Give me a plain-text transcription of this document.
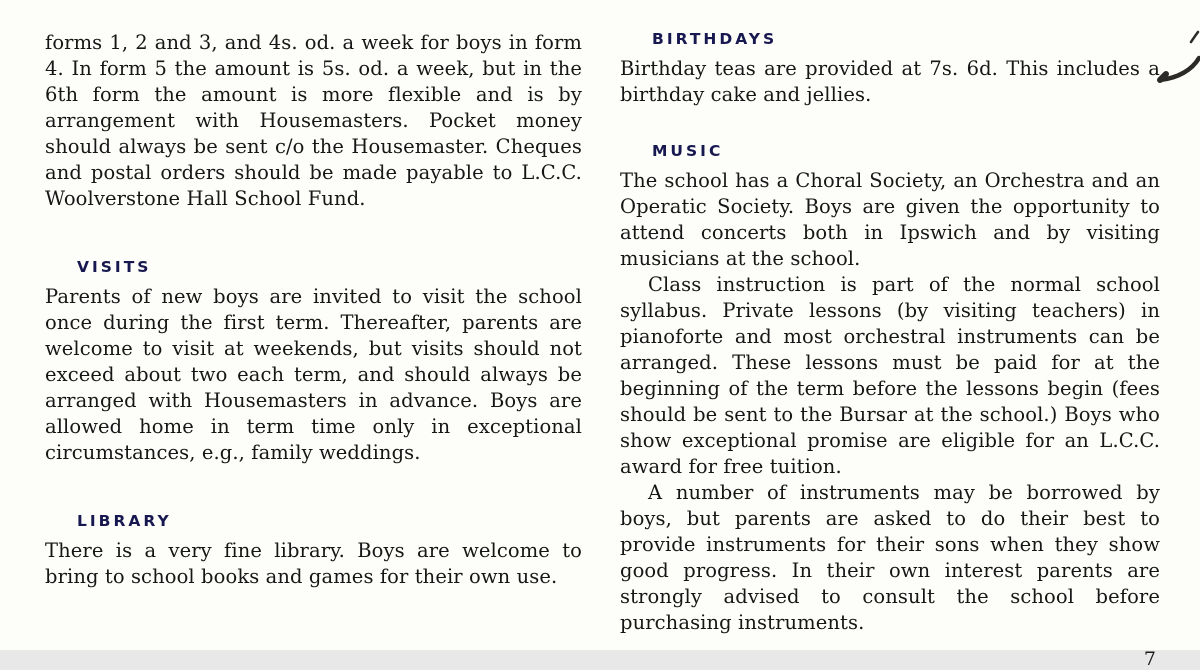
forms 1, 2 and 3, and 4s. od. a week for boys in form 4. In form 5 the amount is 5s. od. a week, but in the 6th form the amount is more flexible and is by arrangement with Housemasters. Pocket money should always be sent c/o the Housemaster. Cheques and postal orders should be made payable to L.C.C. Woolverstone Hall School Fund.

VISITS

Parents of new boys are invited to visit the school once during the first term. Thereafter, parents are welcome to visit at weekends, but visits should not exceed about two each term, and should always be arranged with Housemasters in advance. Boys are allowed home in term time only in exceptional circumstances, e.g., family weddings.

LIBRARY

There is a very fine library. Boys are welcome to bring to school books and games for their own use.

BIRTHDAYS

Birthday teas are provided at 7s. 6d. This includes a birthday cake and jellies.

MUSIC

The school has a Choral Society, an Orchestra and an Operatic Society. Boys are given the opportunity to attend concerts both in Ipswich and by visiting musicians at the school.

Class instruction is part of the normal school syllabus. Private lessons (by visiting teachers) in pianoforte and most orchestral instruments can be arranged. These lessons must be paid for at the beginning of the term before the lessons begin (fees should be sent to the Bursar at the school.) Boys who show exceptional promise are eligible for an L.C.C. award for free tuition.

A number of instruments may be borrowed by boys, but parents are asked to do their best to provide instruments for their sons when they show good progress. In their own interest parents are strongly advised to consult the school before purchasing instruments.

7
